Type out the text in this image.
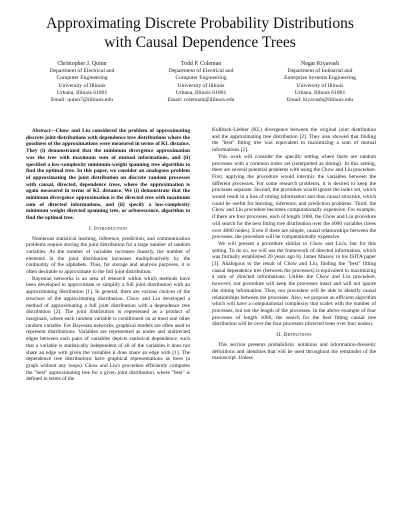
Approximating Discrete Probability Distributions
with Causal Dependence Trees
Christopher J. Quinn
Department of Electrical and
Computer Engineering
University of Illinois
Urbana, Illinois 61801
Email: quinn7@illinois.edu
Todd P. Coleman
Department of Electrical and
Computer Engineering
University of Illinois
Urbana, Illinois 61801
Email: colemant@illinois.edu
Negar Kiyavash
Department of Industrial and
Enterprise Systems Engineering
University of Illinois
Urbana, Illinois 61801
Email: kiyavash@illinois.edu

Abstract—Chow and Liu considered the problem of approximating discrete joint distributions with dependence tree distributions where the goodness of the approximations were measured in terms of KL distance. They (i) demonstrated that the minimum divergence approximation was the tree with maximum sum of mutual informations, and (ii) specified a low-complexity minimum-weight spanning tree algorithm to find the optimal tree. In this paper, we consider an analogous problem of approximating the joint distribution on discrete random processes with causal, directed, dependence trees, where the approximation is again measured in terms of KL distance. We (i) demonstrate that the minimum divergence approximation is the directed tree with maximum sum of directed informations, and (ii) specify a low-complexity minimum weight directed spanning tree, or arborescence, algorithm to find the optimal tree.

I. Introduction

Numerous statistical learning, inference, prediction, and communication problems require storing the joint distribution for a large number of random variables. As the number of variables increases linearly, the number of elements in the joint distribution increases multiplicatively by the cardinality of the alphabets. Thus, for storage and analysis purposes, it is often desirable to approximate to the full joint distribution.

Bayesian networks is an area of research within which methods have been developed to approximate or simplify a full joint distribution with an approximating distribution [1]. In general, there are various choices of the structure of the approximating distribution. Chow and Liu developed a method of approximating a full joint distribution with a dependence tree distribution [2]. The joint distribution is represented as a product of marginals, where each random variable is conditioned on at most one other random variable. For Bayesian networks, graphical models are often used to represent distributions. Variables are represented as nodes and undirected edges between each pairs of variables depicts statistical dependence, such that a variable is statistically independent of all of the variables it does not share an edge with given the variables it does share an edge with [1]. The dependence tree distributions have graphical representations as trees (a graph without any loops). Chow and Liu's procedure efficiently computes the "best" approximating tree for a given joint distribution, where "best" is defined in terms of the

Kullback-Liebler (KL) divergence between the original joint distribution and the approximating tree distribution [2]. They also showed that finding the "best" fitting tree was equivalent to maximizing a sum of mutual informations [2].

This work will consider the specific setting where there are random processes with a common index set (interpreted as timing). In this setting, there are several potential problems with using the Chow and Liu procedure. First, applying the procedure would intermix the variables between the different processes. For some research problems, it is desired to keep the processes separate. Second, the procedure would ignore the index set, which would result in a loss of timing information and thus causal structure, which could be useful for learning, inference, and prediction problems. Third, the Chow and Liu procedure becomes computationally expensive. For example, if there are four processes, each of length 1000, the Chow and Liu procedure will search for the best fitting tree distribution over the 4000 variables (trees over 4000 nodes). Even if there are simple, causal relationships between the processes, the procedure will be computationally expensive.

We will present a procedure similar to Chow and Liu's, but for this setting. To do so, we will use the framework of directed information, which was formally established 20 years ago by James Massey in his ISITA paper [3]. Analogous to the result of Chow and Liu, finding the "best" fitting causal dependence tree (between the processes) is equivalent to maximizing a sum of directed informations. Unlike the Chow and Liu procedure, however, our procedure will keep the processes intact and will not ignore the timing information. Thus, our procedure will be able to identify causal relationships between the processes. Also, we propose an efficient algorithm which will have a computational complexity that scales with the number of processes, but not the length of the processes. In the above example of four processes of length 1000, the search for the best fitting causal tree distribution will be over the four processes (directed trees over four nodes).

II. Definitions

This section presents probabilistic notations and information-theoretic definitions and identities that will be used throughout the remainder of the manuscript. Unless
